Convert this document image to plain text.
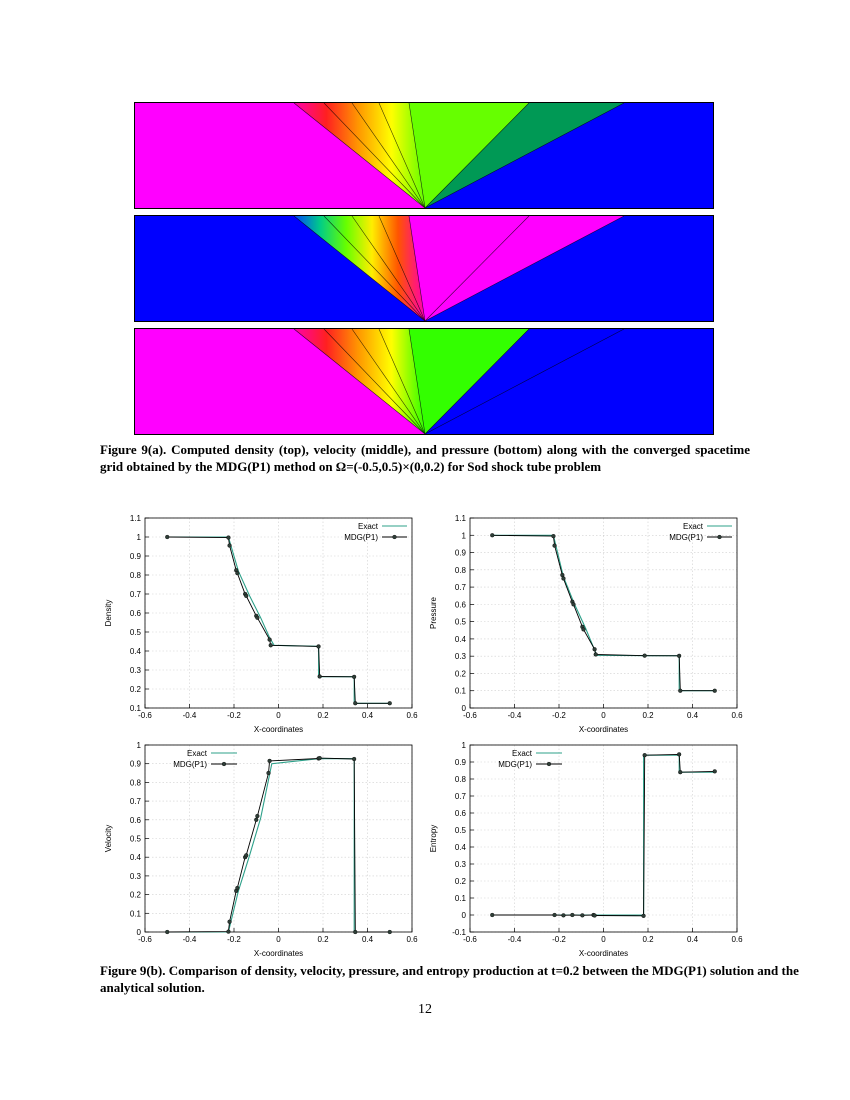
Figure 9(a). Computed density (top), velocity (middle), and pressure (bottom) along with the converged spacetime grid obtained by the MDG(P1) method on Ω=(-0.5,0.5)×(0,0.2) for Sod shock tube problem
-0.6	-0.4	-0.2	0	0.2	0.4	0.6
0.1
0.2
0.3
0.4
0.5
0.6
0.7
0.8
0.9
1
1.1
X-coordinates
Density
Exact
MDG(P1)
-0.6	-0.4	-0.2	0	0.2	0.4	0.6
0
0.1
0.2
0.3
0.4
0.5
0.6
0.7
0.8
0.9
1
1.1
X-coordinates
Pressure
Exact
MDG(P1)
-0.6	-0.4	-0.2	0	0.2	0.4	0.6
0
0.1
0.2
0.3
0.4
0.5
0.6
0.7
0.8
0.9
1
X-coordinates
Velocity
Exact
MDG(P1)
-0.6	-0.4	-0.2	0	0.2	0.4	0.6
-0.1
0
0.1
0.2
0.3
0.4
0.5
0.6
0.7
0.8
0.9
1
X-coordinates
Entropy
Exact
MDG(P1)
Figure 9(b). Comparison of density, velocity, pressure, and entropy production at t=0.2 between the MDG(P1) solution and the analytical solution.
12
